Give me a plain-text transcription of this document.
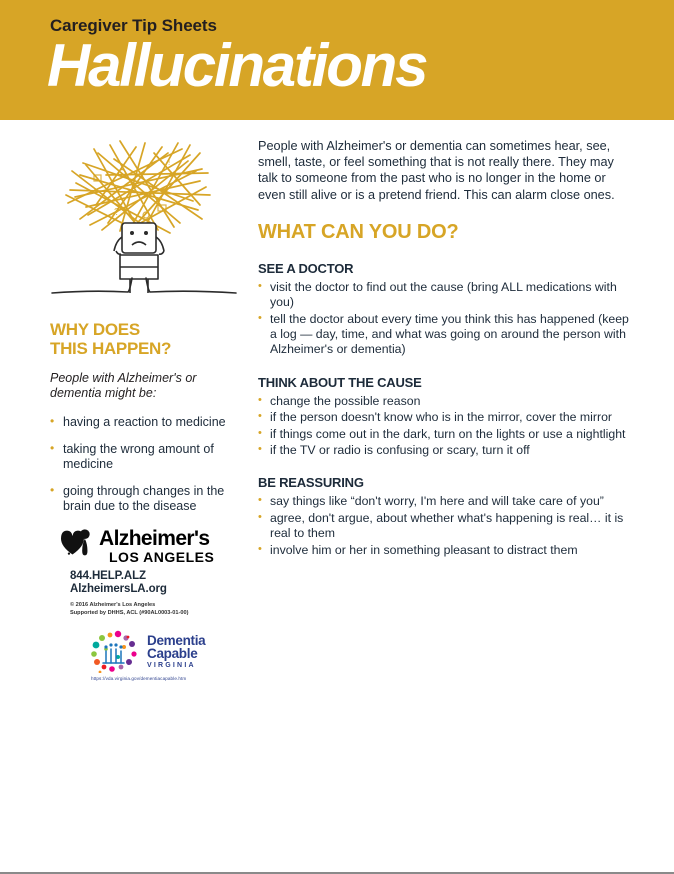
Caregiver Tip Sheets
Hallucinations
?
!
WHY DOES
THIS HAPPEN?
People with Alzheimer's or dementia might be:
• having a reaction to medicine
• taking the wrong amount of medicine
• going through changes in the brain due to the disease
Alzheimer's
LOS ANGELES
844.HELP.ALZ
AlzheimersLA.org
© 2016 Alzheimer's Los Angeles
Supported by DHHS, ACL (#90AL0003-01-00)
Dementia
Capable
VIRGINIA
https://vda.virginia.gov/dementiacapable.htm

People with Alzheimer's or dementia can sometimes hear, see, smell, taste, or feel something that is not really there. They may talk to someone from the past who is no longer in the home or even still alive or is a pretend friend. This can alarm close ones.

WHAT CAN YOU DO?
SEE A DOCTOR
• visit the doctor to find out the cause (bring ALL medications with you)
• tell the doctor about every time you think this has happened (keep a log — day, time, and what was going on around the person with Alzheimer's or dementia)
THINK ABOUT THE CAUSE
• change the possible reason
• if the person doesn't know who is in the mirror, cover the mirror
• if things come out in the dark, turn on the lights or use a nightlight
• if the TV or radio is confusing or scary, turn it off
BE REASSURING
• say things like “don't worry, I'm here and will take care of you”
• agree, don't argue, about whether what's happening is real… it is real to them
• involve him or her in something pleasant to distract them
